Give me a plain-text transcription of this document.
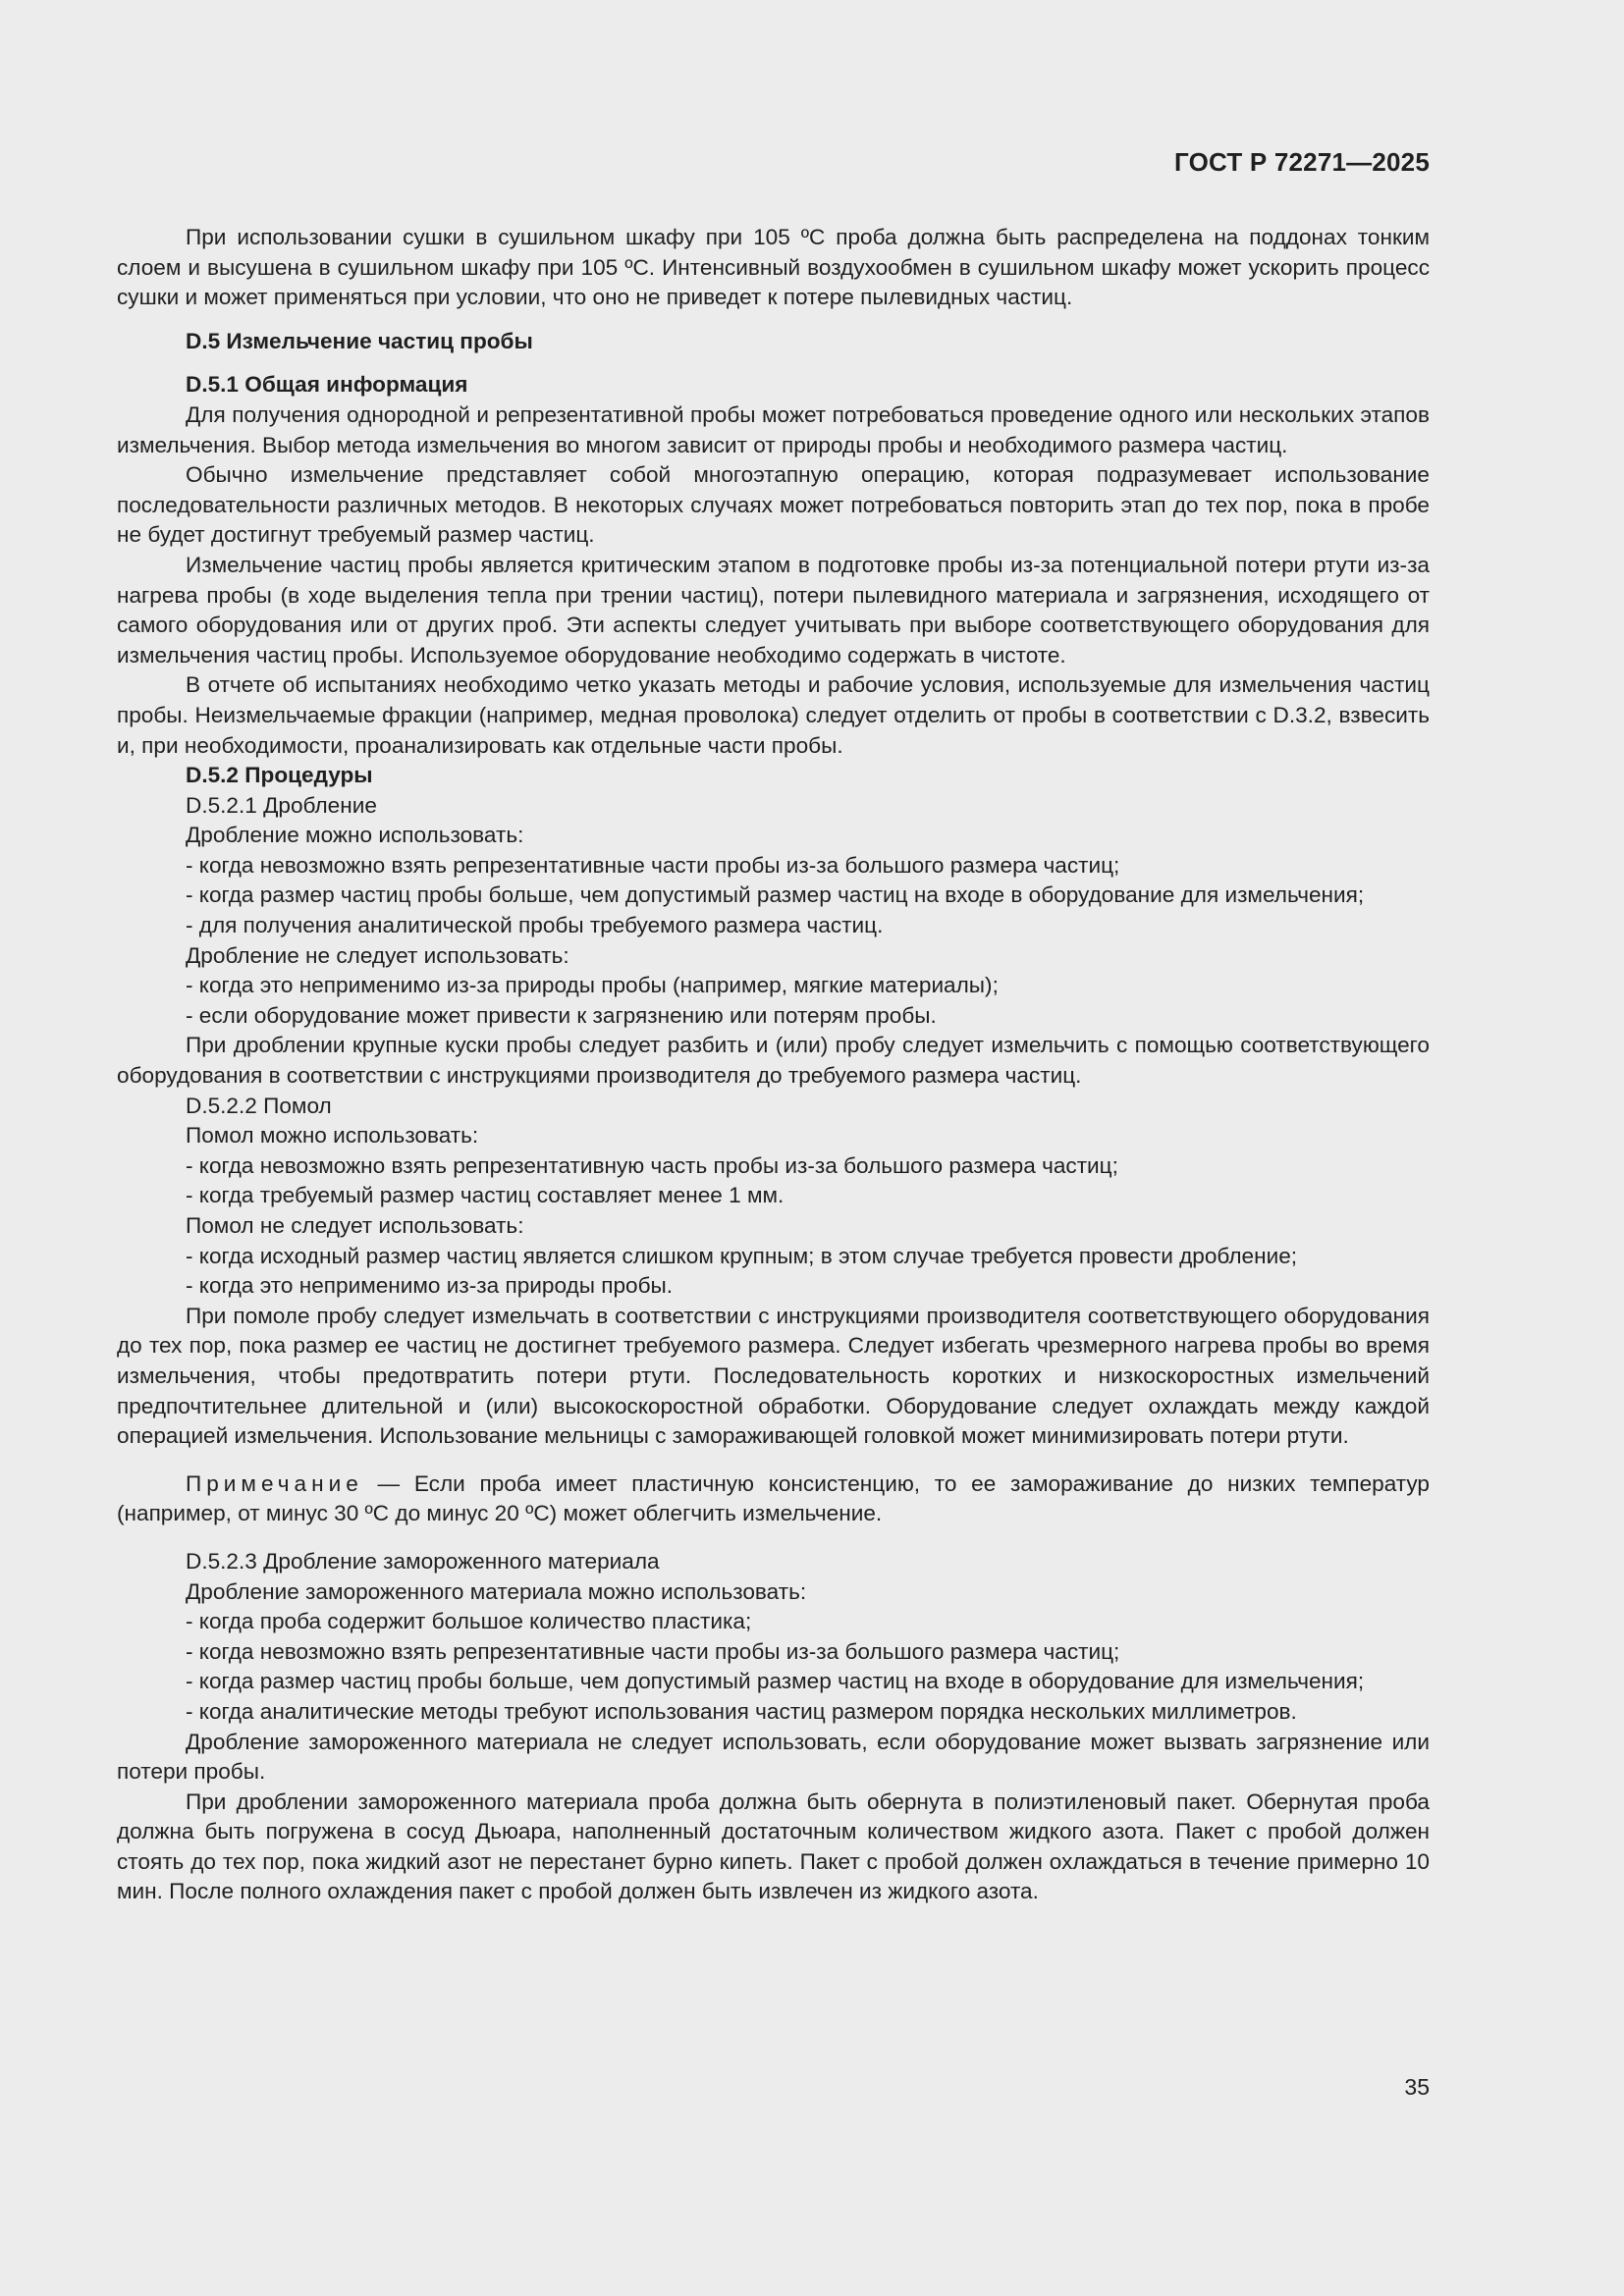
ГОСТ Р 72271—2025

При использовании сушки в сушильном шкафу при 105 ºС проба должна быть распределена на поддонах тонким слоем и высушена в сушильном шкафу при 105 ºС. Интенсивный воздухообмен в сушильном шкафу может ускорить процесс сушки и может применяться при условии, что оно не приведет к потере пылевидных частиц.

D.5 Измельчение частиц пробы
D.5.1 Общая информация

Для получения однородной и репрезентативной пробы может потребоваться проведение одного или нескольких этапов измельчения. Выбор метода измельчения во многом зависит от природы пробы и необходимого размера частиц.

Обычно измельчение представляет собой многоэтапную операцию, которая подразумевает использование последовательности различных методов. В некоторых случаях может потребоваться повторить этап до тех пор, пока в пробе не будет достигнут требуемый размер частиц.

Измельчение частиц пробы является критическим этапом в подготовке пробы из-за потенциальной потери ртути из-за нагрева пробы (в ходе выделения тепла при трении частиц), потери пылевидного материала и загрязнения, исходящего от самого оборудования или от других проб. Эти аспекты следует учитывать при выборе соответствующего оборудования для измельчения частиц пробы. Используемое оборудование необходимо содержать в чистоте.

В отчете об испытаниях необходимо четко указать методы и рабочие условия, используемые для измельчения частиц пробы. Неизмельчаемые фракции (например, медная проволока) следует отделить от пробы в соответствии с D.3.2, взвесить и, при необходимости, проанализировать как отдельные части пробы.

D.5.2 Процедуры
D.5.2.1 Дробление
Дробление можно использовать:

- когда невозможно взять репрезентативные части пробы из-за большого размера частиц;

- когда размер частиц пробы больше, чем допустимый размер частиц на входе в оборудование для измельчения;

- для получения аналитической пробы требуемого размера частиц.

Дробление не следует использовать:

- когда это неприменимо из-за природы пробы (например, мягкие материалы);

- если оборудование может привести к загрязнению или потерям пробы.

При дроблении крупные куски пробы следует разбить и (или) пробу следует измельчить с помощью соответствующего оборудования в соответствии с инструкциями производителя до требуемого размера частиц.

D.5.2.2 Помол
Помол можно использовать:

- когда невозможно взять репрезентативную часть пробы из-за большого размера частиц;

- когда требуемый размер частиц составляет менее 1 мм.

Помол не следует использовать:

- когда исходный размер частиц является слишком крупным; в этом случае требуется провести дробление;

- когда это неприменимо из-за природы пробы.

При помоле пробу следует измельчать в соответствии с инструкциями производителя соответствующего оборудования до тех пор, пока размер ее частиц не достигнет требуемого размера. Следует избегать чрезмерного нагрева пробы во время измельчения, чтобы предотвратить потери ртути. Последовательность коротких и низкоскоростных измельчений предпочтительнее длительной и (или) высокоскоростной обработки. Оборудование следует охлаждать между каждой операцией измельчения. Использование мельницы с замораживающей головкой может минимизировать потери ртути.

Примечание — Если проба имеет пластичную консистенцию, то ее замораживание до низких температур (например, от минус 30 ºС до минус 20 ºС) может облегчить измельчение.

D.5.2.3 Дробление замороженного материала
Дробление замороженного материала можно использовать:

- когда проба содержит большое количество пластика;

- когда невозможно взять репрезентативные части пробы из-за большого размера частиц;

- когда размер частиц пробы больше, чем допустимый размер частиц на входе в оборудование для измельчения;

- когда аналитические методы требуют использования частиц размером порядка нескольких миллиметров.

Дробление замороженного материала не следует использовать, если оборудование может вызвать загрязнение или потери пробы.

При дроблении замороженного материала проба должна быть обернута в полиэтиленовый пакет. Обернутая проба должна быть погружена в сосуд Дьюара, наполненный достаточным количеством жидкого азота. Пакет с пробой должен стоять до тех пор, пока жидкий азот не перестанет бурно кипеть. Пакет с пробой должен охлаждаться в течение примерно 10 мин. После полного охлаждения пакет с пробой должен быть извлечен из жидкого азота.

35
